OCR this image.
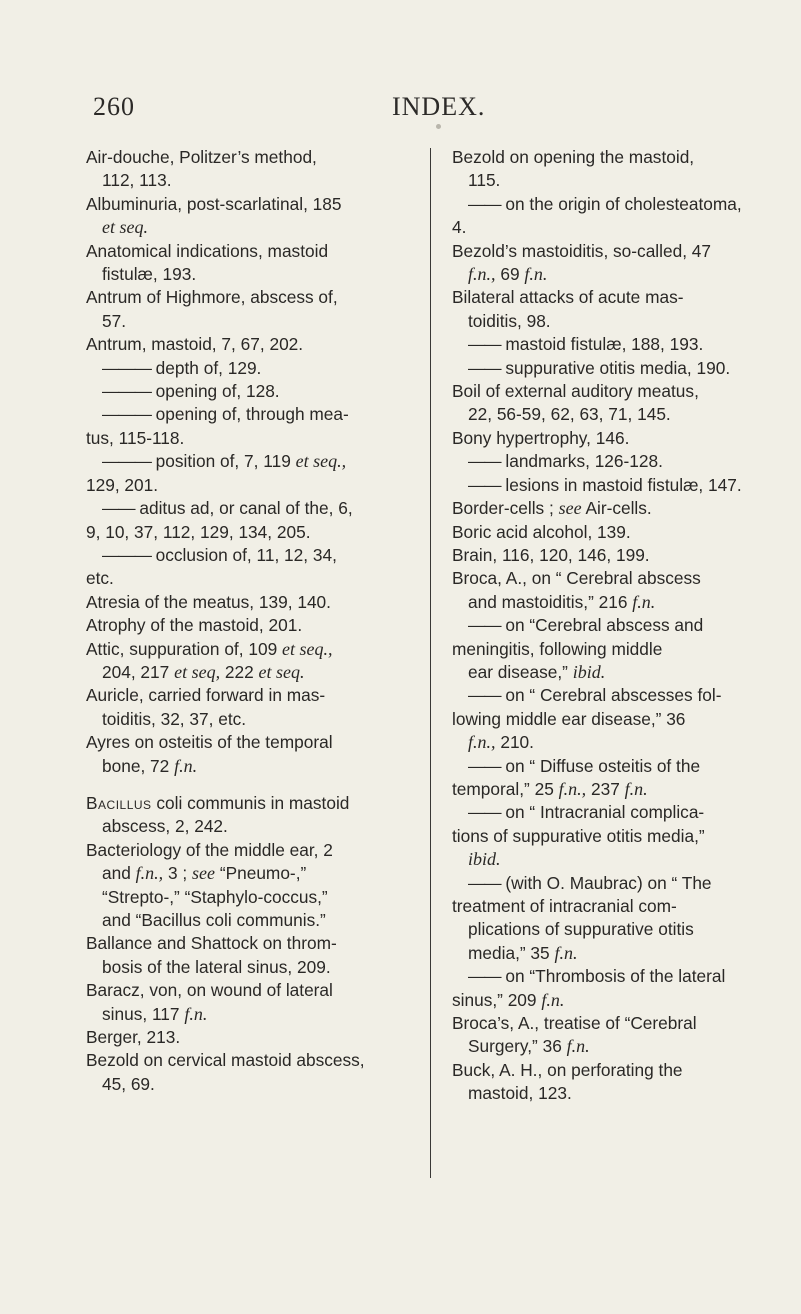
260	INDEX.

Air-douche, Politzer’s method,
112, 113.

Albuminuria, post-scarlatinal, 185
et seq.

Anatomical indications, mastoid
fistulæ, 193.

Antrum of Highmore, abscess of,
57.

Antrum, mastoid, 7, 67, 202.

——— depth of, 129.

——— opening of, 128.

——— opening of, through mea-

tus, 115-118.

——— position of, 7, 119 et seq.,

129, 201.

—— aditus ad, or canal of the, 6,

9, 10, 37, 112, 129, 134, 205.

——— occlusion of, 11, 12, 34,

etc.

Atresia of the meatus, 139, 140.

Atrophy of the mastoid, 201.

Attic, suppuration of, 109 et seq.,
204, 217 et seq, 222 et seq.

Auricle, carried forward in mas-
toiditis, 32, 37, etc.

Ayres on osteitis of the temporal
bone, 72 f.n.

Bacillus coli communis in mastoid
abscess, 2, 242.

Bacteriology of the middle ear, 2
and f.n., 3 ; see “Pneumo-,”
“Strepto-,” “Staphylo-coccus,”
and “Bacillus coli communis.”

Ballance and Shattock on throm-
bosis of the lateral sinus, 209.

Baracz, von, on wound of lateral
sinus, 117 f.n.

Berger, 213.

Bezold on cervical mastoid abscess,
45, 69.

Bezold on opening the mastoid,
115.

—— on the origin of cholesteatoma,

4.

Bezold’s mastoiditis, so-called, 47
f.n., 69 f.n.

Bilateral attacks of acute mas-
toiditis, 98.

—— mastoid fistulæ, 188, 193.

—— suppurative otitis media, 190.

Boil of external auditory meatus,
22, 56-59, 62, 63, 71, 145.

Bony hypertrophy, 146.

—— landmarks, 126-128.

—— lesions in mastoid fistulæ, 147.

Border-cells ; see Air-cells.

Boric acid alcohol, 139.

Brain, 116, 120, 146, 199.

Broca, A., on “ Cerebral abscess
and mastoiditis,” 216 f.n.

—— on “Cerebral abscess and

meningitis, following middle
ear disease,” ibid.

—— on “ Cerebral abscesses fol-

lowing middle ear disease,” 36
f.n., 210.

—— on “ Diffuse osteitis of the

temporal,” 25 f.n., 237 f.n.

—— on “ Intracranial complica-

tions of suppurative otitis media,”
ibid.

—— (with O. Maubrac) on “ The

treatment of intracranial com-
plications of suppurative otitis
media,” 35 f.n.

—— on “Thrombosis of the lateral

sinus,” 209 f.n.

Broca’s, A., treatise of “Cerebral
Surgery,” 36 f.n.

Buck, A. H., on perforating the
mastoid, 123.
